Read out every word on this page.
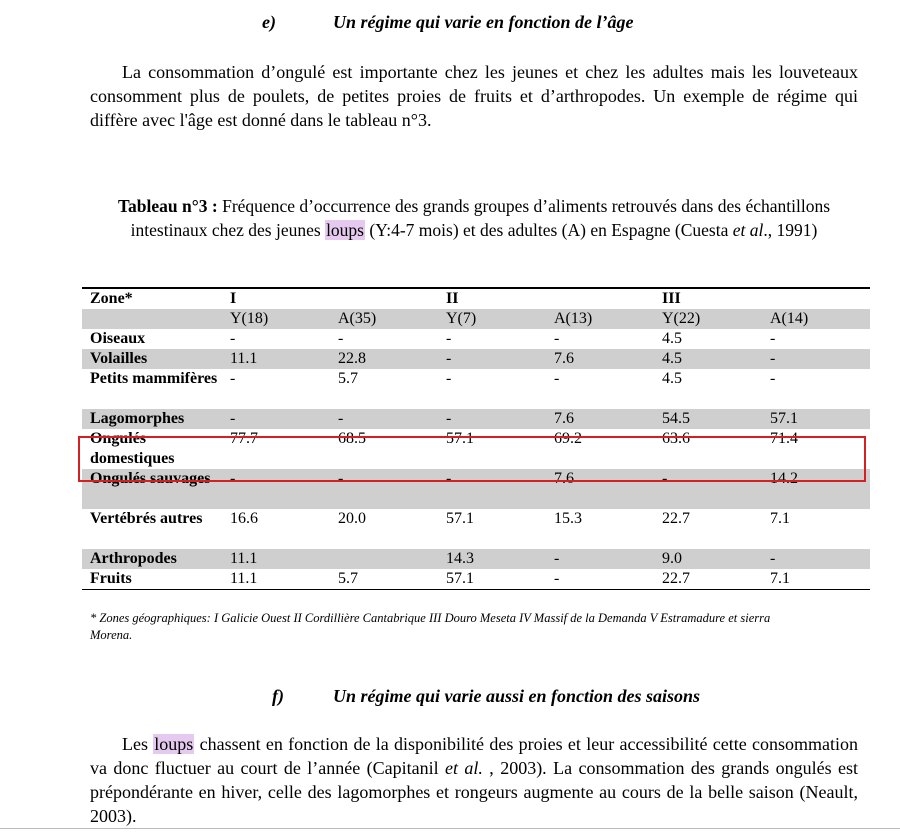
e)	Un régime qui varie en fonction de l’âge
La consommation d’ongulé est importante chez les jeunes et chez les adultes mais les louveteaux consomment plus de poulets, de petites proies de fruits et d’arthropodes. Un exemple de régime qui diffère avec l'âge est donné dans le tableau n°3.
Tableau n°3 : Fréquence d’occurrence des grands groupes d’aliments retrouvés dans des échantillons intestinaux chez des jeunes loups (Y:4-7 mois) et des adultes (A) en Espagne (Cuesta et al., 1991)
Zone*	I		II		III	
	Y(18)	A(35)	Y(7)	A(13)	Y(22)	A(14)
Oiseaux	-	-	-	-	4.5	-
Volailles	11.1	22.8	-	7.6	4.5	-
Petits mammifères	-	5.7	-	-	4.5	-
Lagomorphes	-	-	-	7.6	54.5	57.1
Ongulés domestiques	77.7	68.5	57.1	69.2	63.6	71.4
Ongulés sauvages	-	-	-	7.6	-	14.2
Vertébrés autres	16.6	20.0	57.1	15.3	22.7	7.1
Arthropodes	11.1		14.3	-	9.0	-
Fruits	11.1	5.7	57.1	-	22.7	7.1
* Zones géographiques: I Galicie Ouest II Cordillière Cantabrique III Douro Meseta IV Massif de la Demanda V Estramadure et sierra Morena.
f)	Un régime qui varie aussi en fonction des saisons
Les loups chassent en fonction de la disponibilité des proies et leur accessibilité cette consommation va donc fluctuer au court de l’année (Capitanil et al. , 2003). La consommation des grands ongulés est prépondérante en hiver, celle des lagomorphes et rongeurs augmente au cours de la belle saison (Neault, 2003).
